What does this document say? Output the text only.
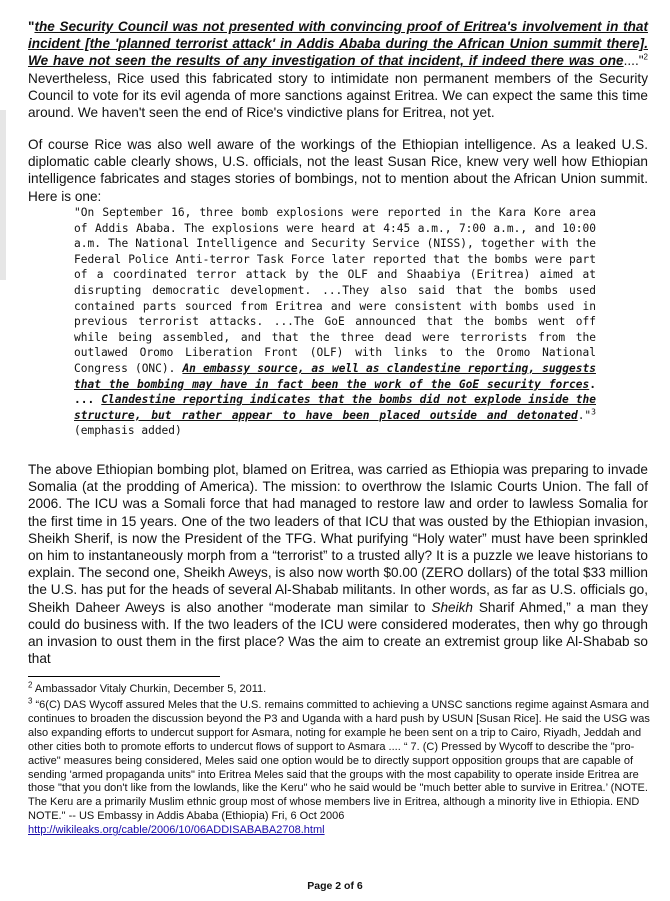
"the Security Council was not presented with convincing proof of Eritrea's involvement in that incident [the 'planned terrorist attack' in Addis Ababa during the African Union summit there]. We have not seen the results of any investigation of that incident, if indeed there was one...."$^2$ Nevertheless, Rice used this fabricated story to intimidate non permanent members of the Security Council to vote for its evil agenda of more sanctions against Eritrea. We can expect the same this time around. We haven't seen the end of Rice's vindictive plans for Eritrea, not yet.

Of course Rice was also well aware of the workings of the Ethiopian intelligence. As a leaked U.S. diplomatic cable clearly shows, U.S. officials, not the least Susan Rice, knew very well how Ethiopian intelligence fabricates and stages stories of bombings, not to mention about the African Union summit. Here is one:

"On September 16, three bomb explosions were reported in the Kara Kore area of Addis Ababa. The explosions were heard at 4:45 a.m., 7:00 a.m., and 10:00 a.m. The National Intelligence and Security Service (NISS), together with the Federal Police Anti-terror Task Force later reported that the bombs were part of a coordinated terror attack by the OLF and Shaabiya (Eritrea) aimed at disrupting democratic development. ...They also said that the bombs used contained parts sourced from Eritrea and were consistent with bombs used in previous terrorist attacks. ...The GoE announced that the bombs went off while being assembled, and that the three dead were terrorists from the outlawed Oromo Liberation Front (OLF) with links to the Oromo National Congress (ONC). An embassy source, as well as clandestine reporting, suggests that the bombing may have in fact been the work of the GoE security forces. ... Clandestine reporting indicates that the bombs did not explode inside the structure, but rather appear to have been placed outside and detonated."$^3$ (emphasis added)

The above Ethiopian bombing plot, blamed on Eritrea, was carried as Ethiopia was preparing to invade Somalia (at the prodding of America). The mission: to overthrow the Islamic Courts Union. The fall of 2006. The ICU was a Somali force that had managed to restore law and order to lawless Somalia for the first time in 15 years. One of the two leaders of that ICU that was ousted by the Ethiopian invasion, Sheikh Sherif, is now the President of the TFG. What purifying “Holy water” must have been sprinkled on him to instantaneously morph from a “terrorist” to a trusted ally? It is a puzzle we leave historians to explain. The second one, Sheikh Aweys, is also now worth $0.00 (ZERO dollars) of the total $33 million the U.S. has put for the heads of several Al-Shabab militants. In other words, as far as U.S. officials go, Sheikh Daheer Aweys is also another “moderate man similar to Sheikh Sharif Ahmed,” a man they could do business with. If the two leaders of the ICU were considered moderates, then why go through an invasion to oust them in the first place? Was the aim to create an extremist group like Al-Shabab so that

$^2$ Ambassador Vitaly Churkin, December 5, 2011.

$^3$ “6(C) DAS Wycoff assured Meles that the U.S. remains committed to achieving a UNSC sanctions regime against Asmara and continues to broaden the discussion beyond the P3 and Uganda with a hard push by USUN [Susan Rice]. He said the USG was also expanding efforts to undercut support for Asmara, noting for example he been sent on a trip to Cairo, Riyadh, Jeddah and other cities both to promote efforts to undercut flows of support to Asmara .... “ 7. (C) Pressed by Wycoff to describe the "pro-active" measures being considered, Meles said one option would be to directly support opposition groups that are capable of sending 'armed propaganda units" into Eritrea Meles said that the groups with the most capability to operate inside Eritrea are those "that you don't like from the lowlands, like the Keru" who he said would be "much better able to survive in Eritrea.’ (NOTE. The Keru are a primarily Muslim ethnic group most of whose members live in Eritrea, although a minority live in Ethiopia. END NOTE." -- US Embassy in Addis Ababa (Ethiopia) Fri, 6 Oct 2006
http://wikileaks.org/cable/2006/10/06ADDISABABA2708.html

Page 2 of 6
